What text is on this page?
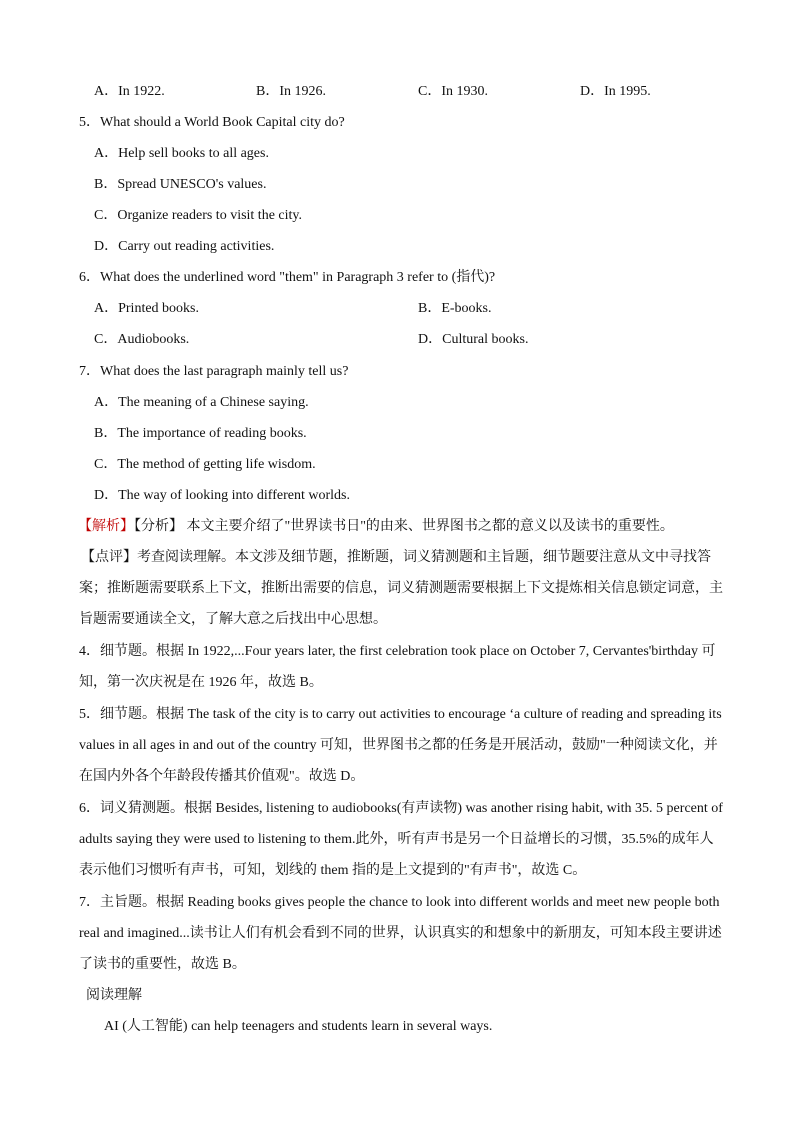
A．In 1922.	B．In 1926.	C．In 1930.	D．In 1995.
5．What should a World Book Capital city do?
A．Help sell books to all ages.
B．Spread UNESCO's values.
C．Organize readers to visit the city.
D．Carry out reading activities.
6．What does the underlined word "them" in Paragraph 3 refer to (指代)?
A．Printed books.	B．E-books.
C．Audiobooks.	D．Cultural books.
7．What does the last paragraph mainly tell us?
A．The meaning of a Chinese saying.
B．The importance of reading books.
C．The method of getting life wisdom.
D．The way of looking into different worlds.
【解析】【分析】 本文主要介绍了"世界读书日"的由来、世界图书之都的意义以及读书的重要性。
【点评】考查阅读理解。本文涉及细节题，推断题，词义猜测题和主旨题，细节题要注意从文中寻找答
案；推断题需要联系上下文，推断出需要的信息，词义猜测题需要根据上下文提炼相关信息锁定词意，主
旨题需要通读全文，了解大意之后找出中心思想。
4．细节题。根据 In 1922,...Four years later, the first celebration took place on October 7, Cervantes'birthday 可
知，第一次庆祝是在 1926 年，故选 B。
5．细节题。根据 The task of the city is to carry out activities to encourage ‘a culture of reading and spreading its
values in all ages in and out of the country 可知，世界图书之都的任务是开展活动，鼓励"一种阅读文化，并
在国内外各个年龄段传播其价值观"。故选 D。
6．词义猜测题。根据 Besides, listening to audiobooks(有声读物) was another rising habit, with 35. 5 percent of
adults saying they were used to listening to them.此外，听有声书是另一个日益增长的习惯，35.5%的成年人
表示他们习惯听有声书，可知，划线的 them 指的是上文提到的"有声书"，故选 C。
7．主旨题。根据 Reading books gives people the chance to look into different worlds and meet new people both
real and imagined...读书让人们有机会看到不同的世界，认识真实的和想象中的新朋友，可知本段主要讲述
了读书的重要性，故选 B。
阅读理解
AI (人工智能) can help teenagers and students learn in several ways.
